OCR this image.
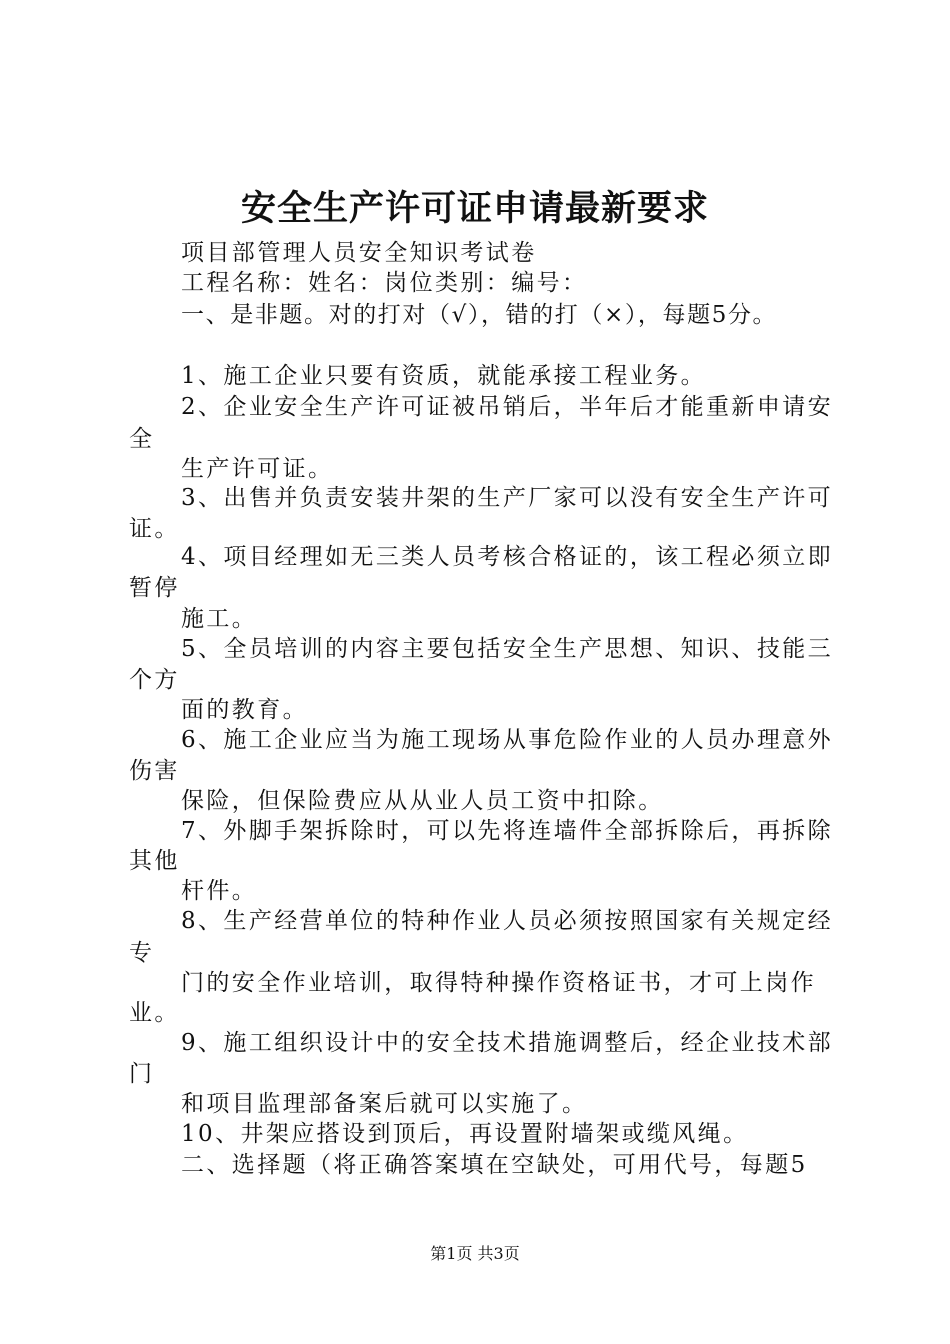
安全生产许可证申请最新要求
项目部管理人员安全知识考试卷
工程名称：姓名：岗位类别：编号：
一、是非题。对的打对（√），错的打（×），每题5分。
1、施工企业只要有资质，就能承接工程业务。
2、企业安全生产许可证被吊销后，半年后才能重新申请安
全
生产许可证。
3、出售并负责安装井架的生产厂家可以没有安全生产许可
证。
4、项目经理如无三类人员考核合格证的，该工程必须立即
暂停
施工。
5、全员培训的内容主要包括安全生产思想、知识、技能三
个方
面的教育。
6、施工企业应当为施工现场从事危险作业的人员办理意外
伤害
保险，但保险费应从从业人员工资中扣除。
7、外脚手架拆除时，可以先将连墙件全部拆除后，再拆除
其他
杆件。
8、生产经营单位的特种作业人员必须按照国家有关规定经
专
门的安全作业培训，取得特种操作资格证书，才可上岗作
业。
9、施工组织设计中的安全技术措施调整后，经企业技术部
门
和项目监理部备案后就可以实施了。
10、井架应搭设到顶后，再设置附墙架或缆风绳。
二、选择题（将正确答案填在空缺处，可用代号，每题5
第1页 共3页
